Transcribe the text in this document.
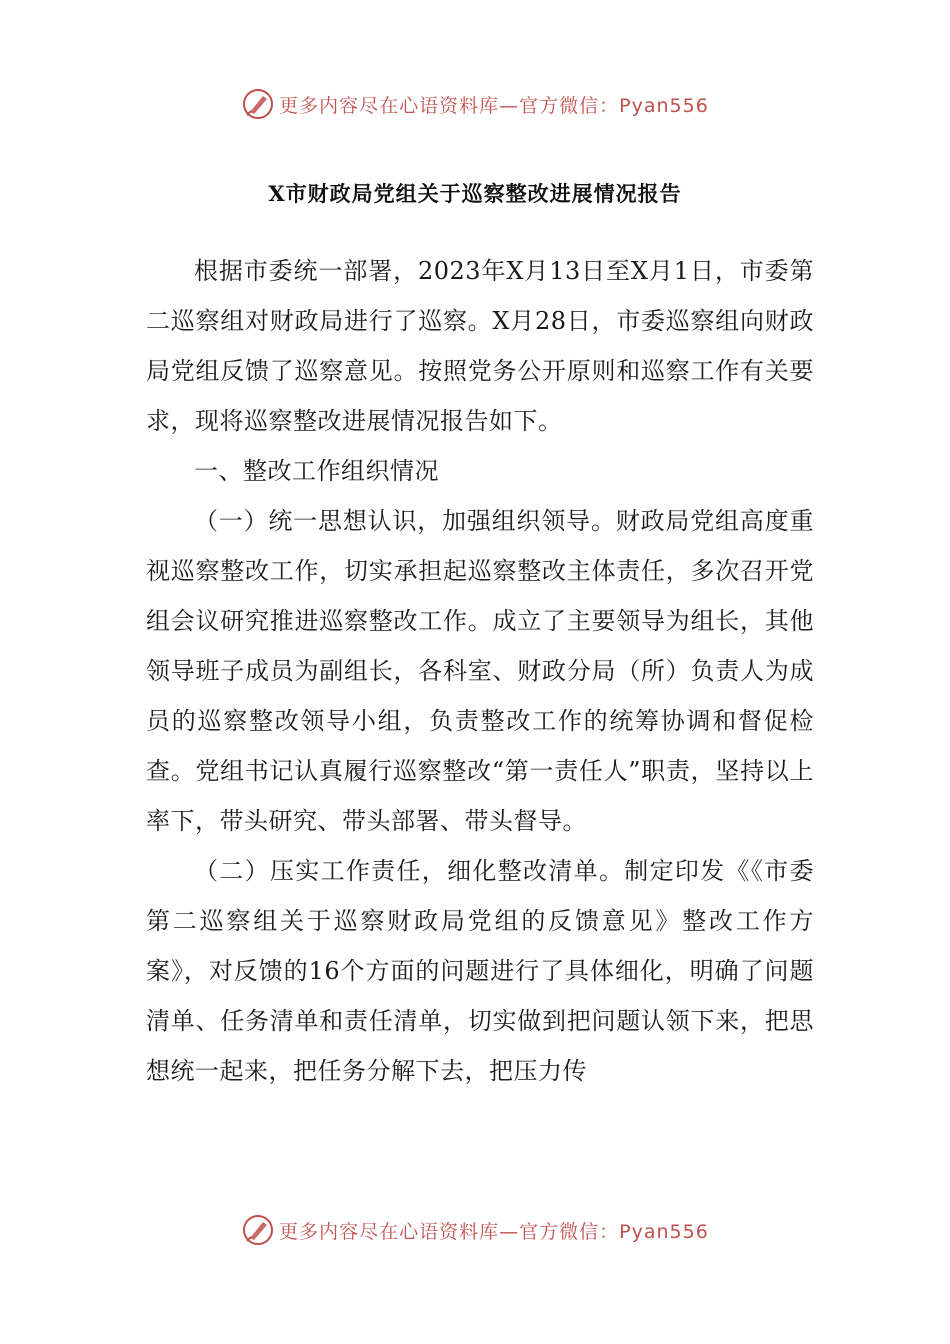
更多内容尽在心语资料库—官方微信：Pyan556
X市财政局党组关于巡察整改进展情况报告

根据市委统一部署，2023年X月13日至X月1日，市委第二巡察组对财政局进行了巡察。X月28日，市委巡察组向财政局党组反馈了巡察意见。按照党务公开原则和巡察工作有关要求，现将巡察整改进展情况报告如下。

一、整改工作组织情况

（一）统一思想认识，加强组织领导。财政局党组高度重视巡察整改工作，切实承担起巡察整改主体责任，多次召开党组会议研究推进巡察整改工作。成立了主要领导为组长，其他领导班子成员为副组长，各科室、财政分局（所）负责人为成员的巡察整改领导小组，负责整改工作的统筹协调和督促检查。党组书记认真履行巡察整改“第一责任人”职责，坚持以上率下，带头研究、带头部署、带头督导。

（二）压实工作责任，细化整改清单。制定印发《《市委第二巡察组关于巡察财政局党组的反馈意见》整改工作方案》，对反馈的16个方面的问题进行了具体细化，明确了问题清单、任务清单和责任清单，切实做到把问题认领下来，把思想统一起来，把任务分解下去，把压力传

更多内容尽在心语资料库—官方微信：Pyan556
